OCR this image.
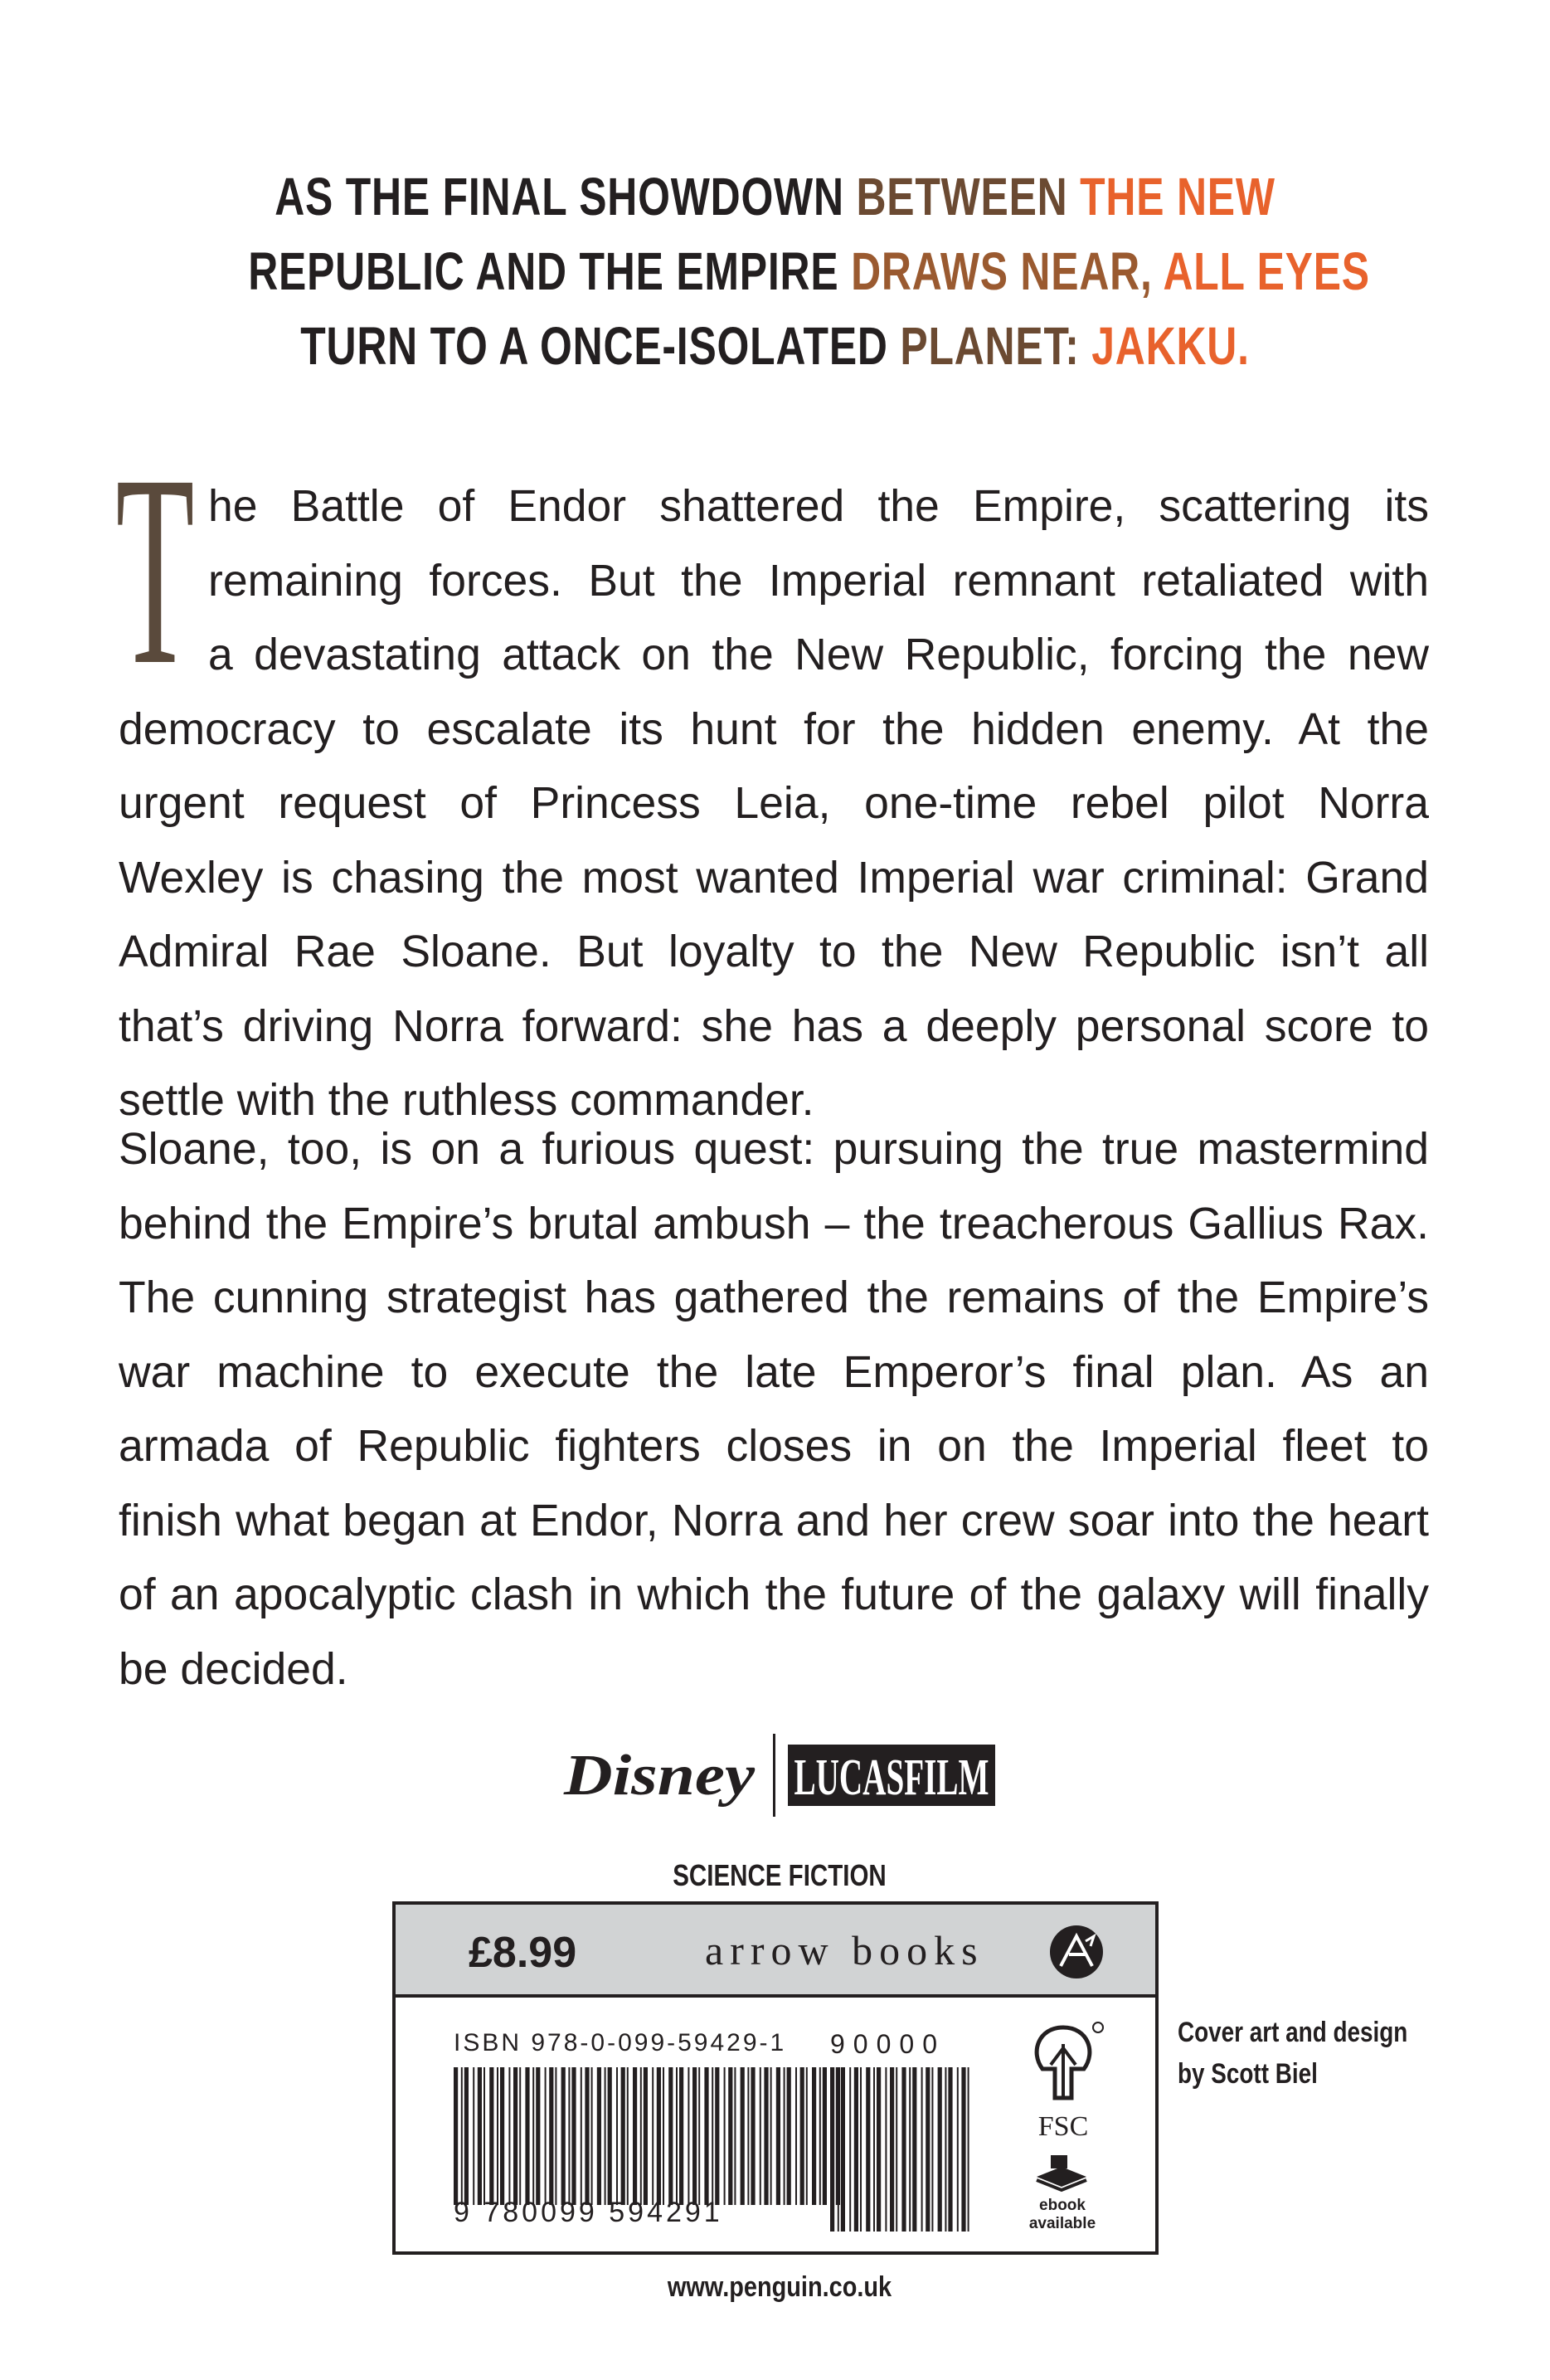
AS THE FINAL SHOWDOWN BETWEEN THE NEW
REPUBLIC AND THE EMPIRE DRAWS NEAR, ALL EYES
TURN TO A ONCE-ISOLATED PLANET: JAKKU.
T he Battle of Endor shattered the Empire, scattering its
remaining forces. But the Imperial remnant retaliated with
a devastating attack on the New Republic, forcing the new
democracy to escalate its hunt for the hidden enemy. At the
urgent request of Princess Leia, one-time rebel pilot Norra
Wexley is chasing the most wanted Imperial war criminal: Grand
Admiral Rae Sloane. But loyalty to the New Republic isn’t all
that’s driving Norra forward: she has a deeply personal score to
settle with the ruthless commander.
Sloane, too, is on a furious quest: pursuing the true mastermind
behind the Empire’s brutal ambush – the treacherous Gallius Rax.
The cunning strategist has gathered the remains of the Empire’s
war machine to execute the late Emperor’s final plan. As an
armada of Republic fighters closes in on the Imperial fleet to
finish what began at Endor, Norra and her crew soar into the heart
of an apocalyptic clash in which the future of the galaxy will finally
be decided.
Disney LUCASFILM
SCIENCE FICTION
£8.99	arrow books
ISBN 978-0-099-59429-1
9 780099 594291
90000
FSC
ebook
available
Cover art and design
by Scott Biel
www.penguin.co.uk
